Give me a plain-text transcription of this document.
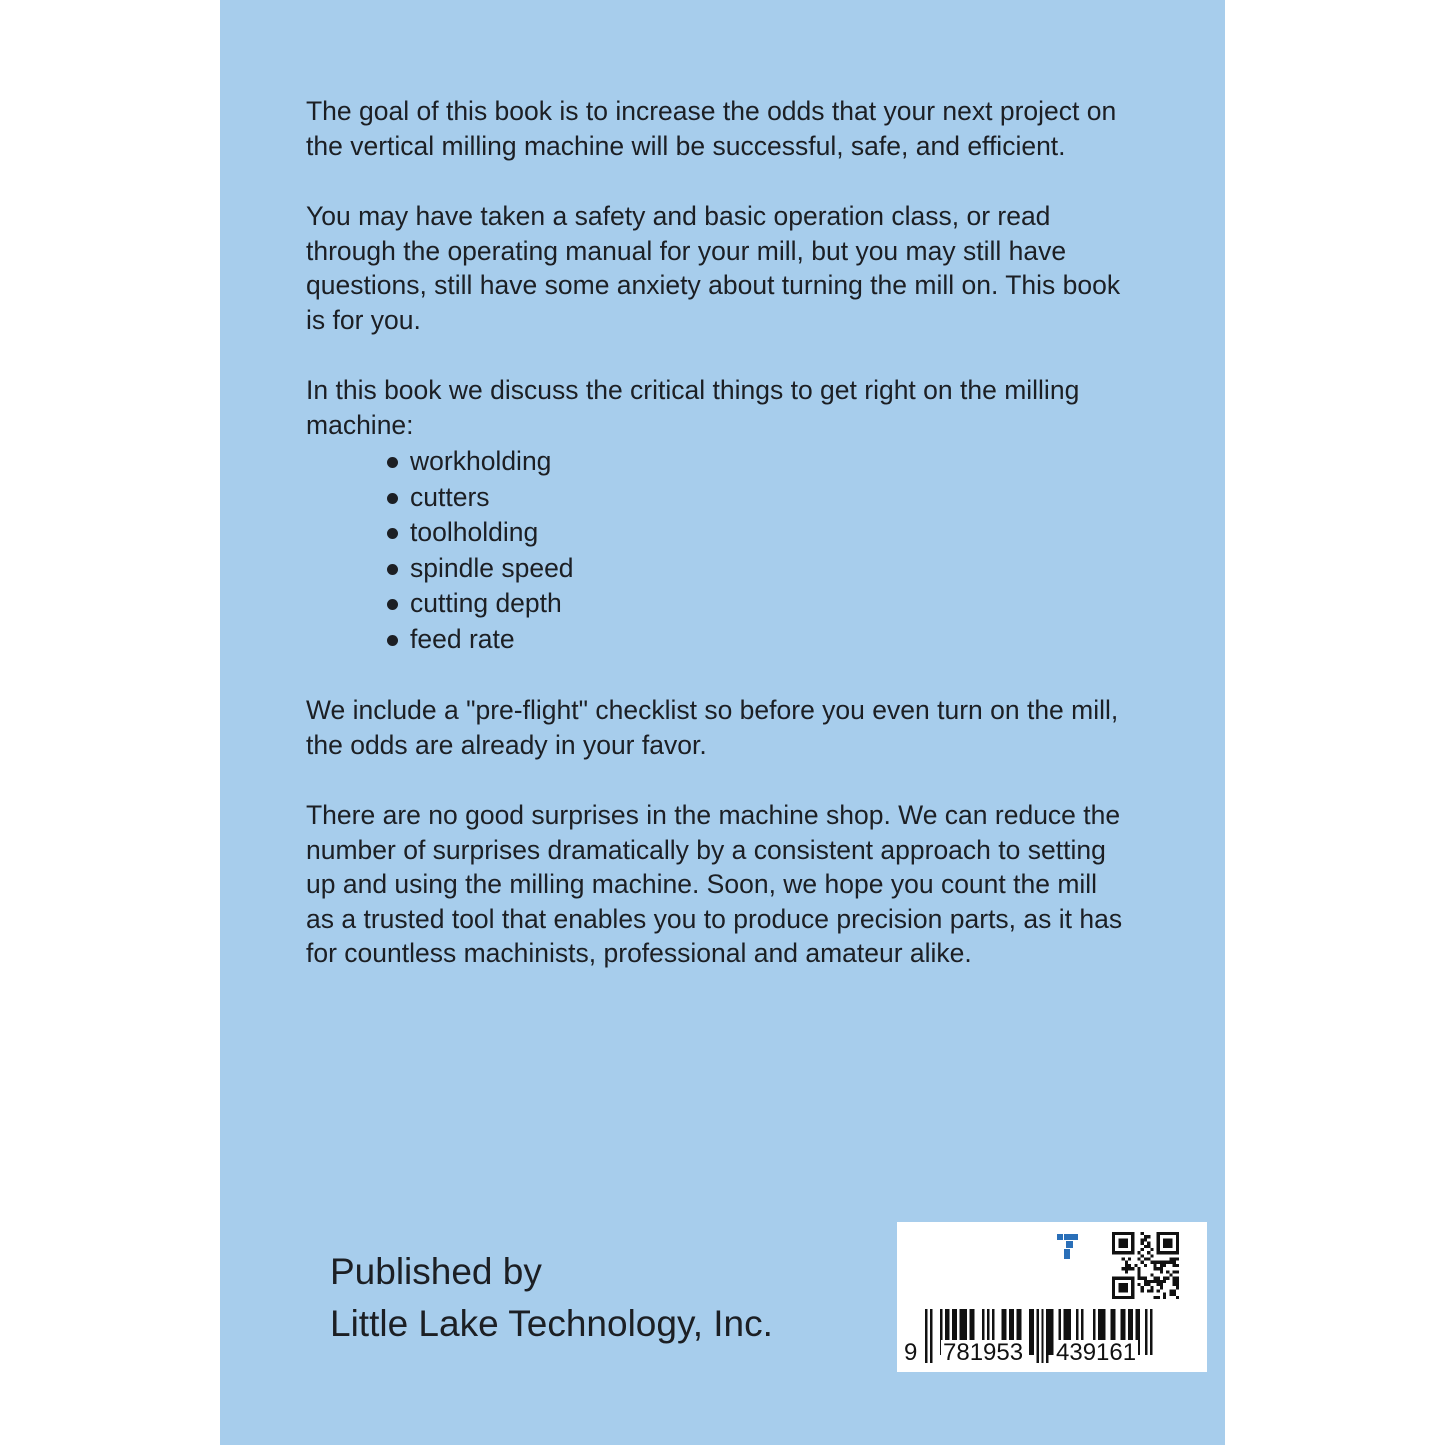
The goal of this book is to increase the odds that your next project on the vertical milling machine will be successful, safe, and efficient.

You may have taken a safety and basic operation class, or read through the operating manual for your mill, but you may still have questions, still have some anxiety about turning the mill on. This book is for you.

In this book we discuss the critical things to get right on the milling machine:

workholding
cutters
toolholding
spindle speed
cutting depth
feed rate

We include a "pre-flight" checklist so before you even turn on the mill, the odds are already in your favor.

There are no good surprises in the machine shop. We can reduce the number of surprises dramatically by a consistent approach to setting up and using the milling machine. Soon, we hope you count the mill as a trusted tool that enables you to produce precision parts, as it has for countless machinists, professional and amateur alike.

Published by
Little Lake Technology, Inc.
9 781953 439161
